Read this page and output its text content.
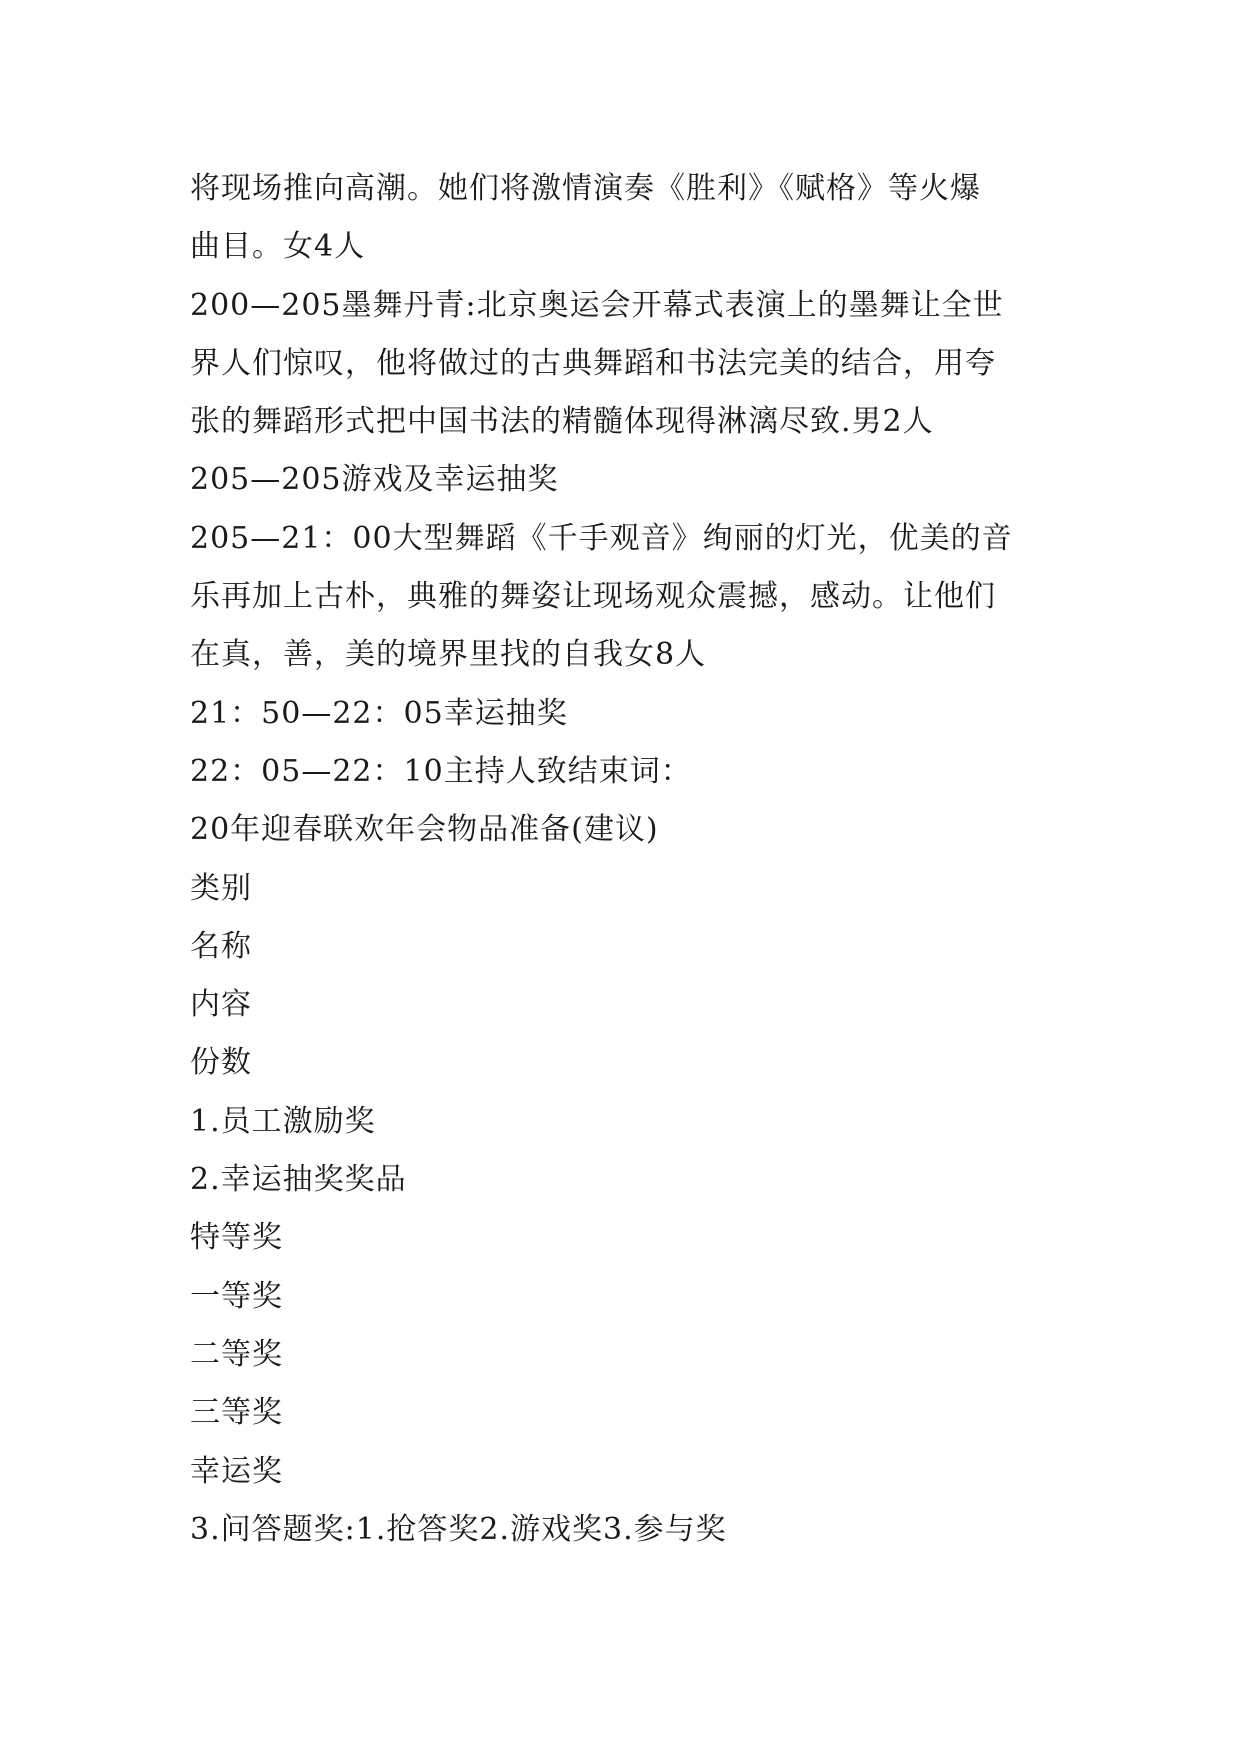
将现场推向高潮。她们将激情演奏《胜利》《赋格》等火爆
曲目。女4人
200—205墨舞丹青:北京奥运会开幕式表演上的墨舞让全世
界人们惊叹，他将做过的古典舞蹈和书法完美的结合，用夸
张的舞蹈形式把中国书法的精髓体现得淋漓尽致.男2人
205—205游戏及幸运抽奖
205—21：00大型舞蹈《千手观音》绚丽的灯光，优美的音
乐再加上古朴，典雅的舞姿让现场观众震撼，感动。让他们
在真，善，美的境界里找的自我女8人
21：50—22：05幸运抽奖
22：05—22：10主持人致结束词：
20年迎春联欢年会物品准备(建议)
类别
名称
内容
份数
1.员工激励奖
2.幸运抽奖奖品
特等奖
一等奖
二等奖
三等奖
幸运奖
3.问答题奖:1.抢答奖2.游戏奖3.参与奖
